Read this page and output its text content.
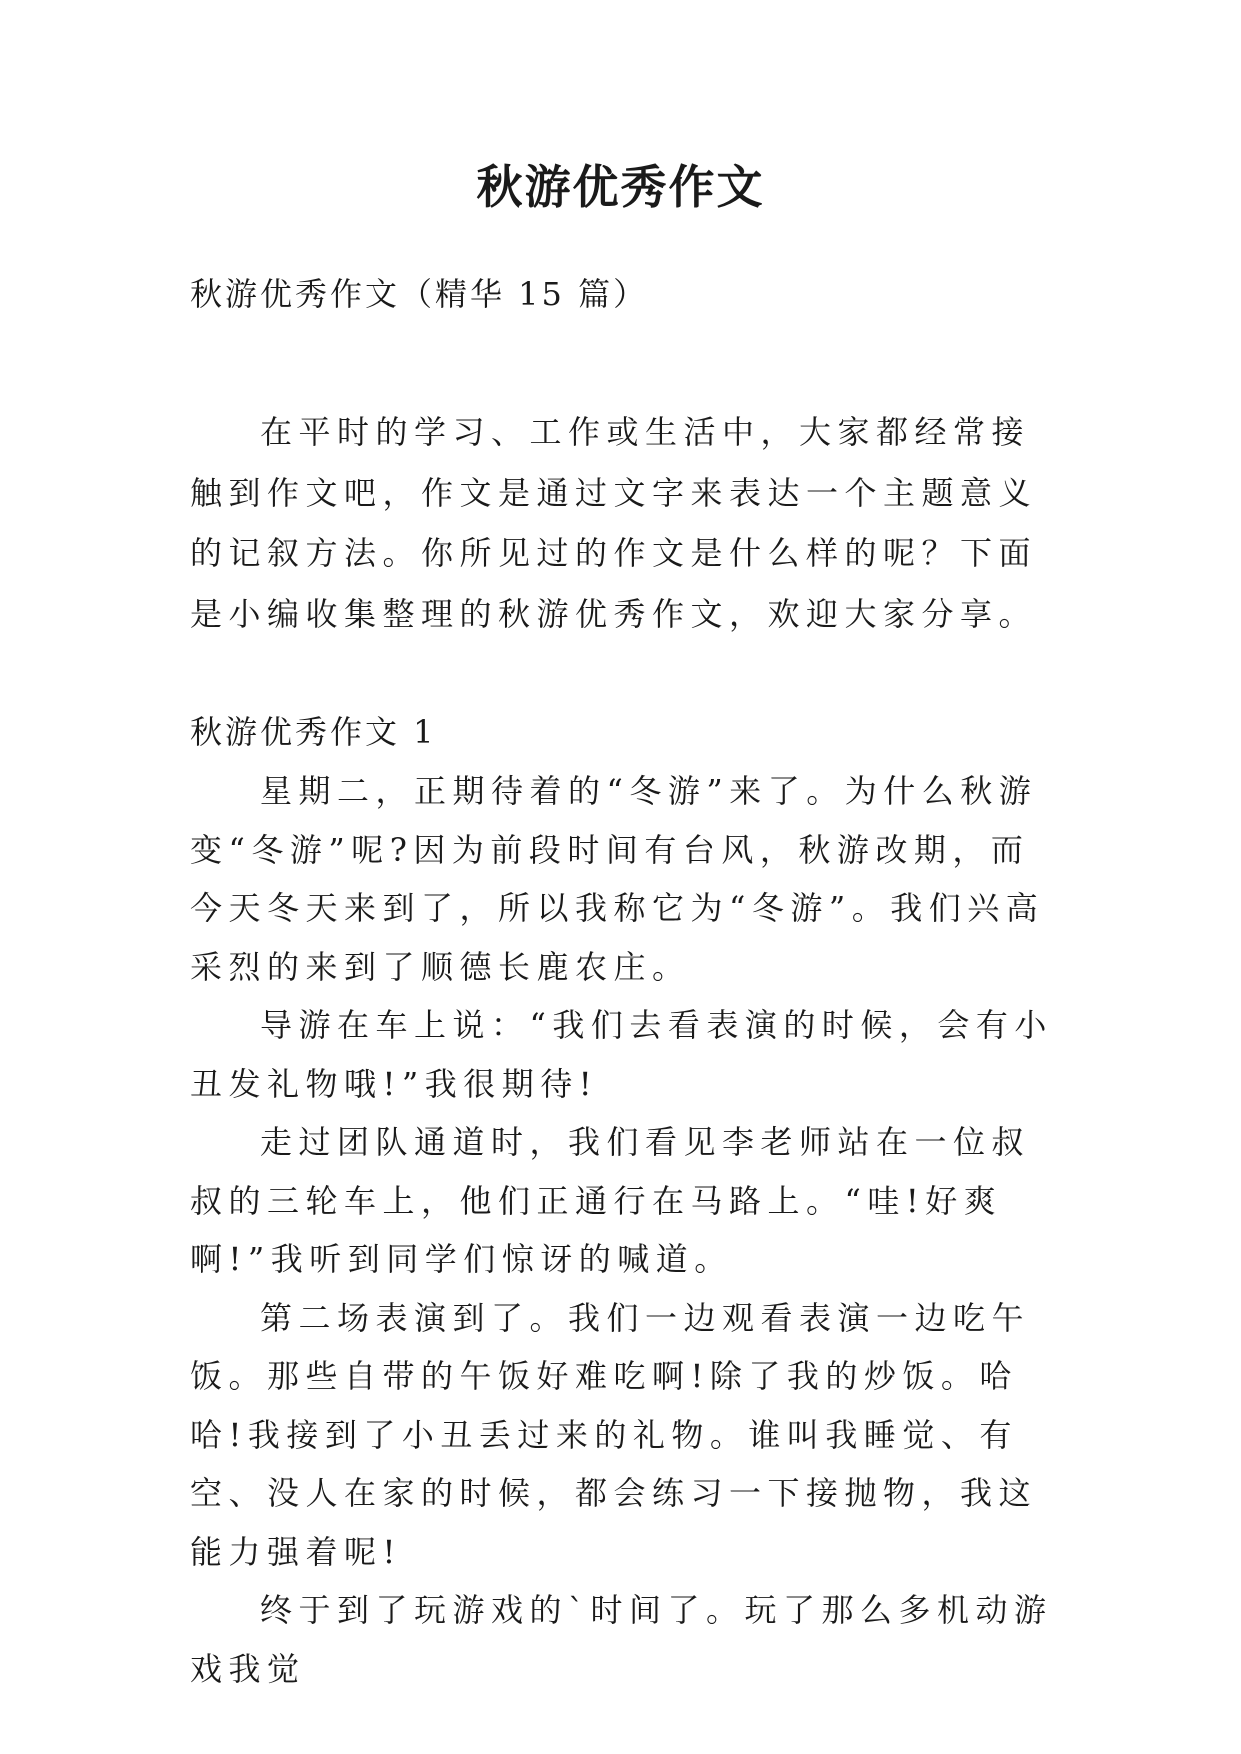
秋游优秀作文
秋游优秀作文（精华 15 篇）

在平时的学习、工作或生活中，大家都经常接触到作文吧，作文是通过文字来表达一个主题意义的记叙方法。你所见过的作文是什么样的呢？下面是小编收集整理的秋游优秀作文，欢迎大家分享。

秋游优秀作文 1

星期二，正期待着的“冬游”来了。为什么秋游变“冬游”呢?因为前段时间有台风，秋游改期，而今天冬天来到了，所以我称它为“冬游”。我们兴高采烈的来到了顺德长鹿农庄。

导游在车上说：“我们去看表演的时候，会有小丑发礼物哦!”我很期待!

走过团队通道时，我们看见李老师站在一位叔叔的三轮车上，他们正通行在马路上。“哇!好爽啊!”我听到同学们惊讶的喊道。

第二场表演到了。我们一边观看表演一边吃午饭。那些自带的午饭好难吃啊!除了我的炒饭。哈哈!我接到了小丑丢过来的礼物。谁叫我睡觉、有空、没人在家的时候，都会练习一下接抛物，我这能力强着呢!

终于到了玩游戏的`时间了。玩了那么多机动游戏我觉
